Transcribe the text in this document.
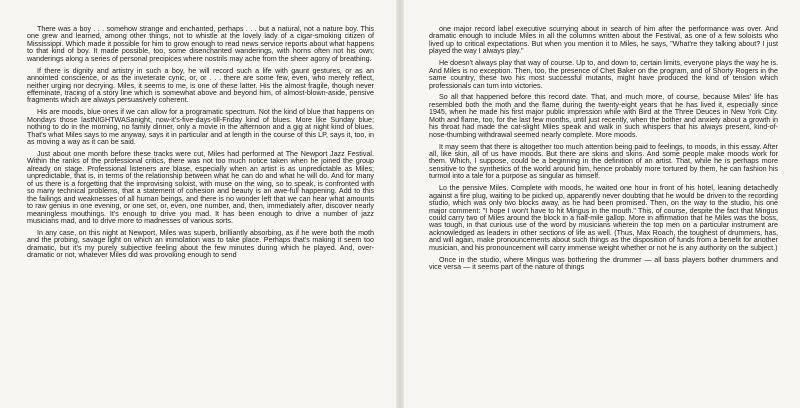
There was a boy . . . somehow strange and enchanted, perhaps . . . but a natural, not a nature boy. This one grew and learned, among other things, not to whistle at the lovely lady of a cigar-smoking citizen of Mississippi. Which made it possible for him to grow enough to read news service reports about what happens to that kind of boy. It made possible, too, some disenchanted wanderings, with horns often not his own; wanderings along a series of personal precipices where nostrils may ache from the sheer agony of breathing.

If there is dignity and artistry in such a boy, he will record such a life with gaunt gestures, or as an annointed conscience, or as the inveterate cynic, or, or . . . there are some few, even, who merely reflect, neither urging nor decrying. Miles, it seems to me, is one of these latter. His the almost fragile, though never effeminate, tracing of a story line which is somewhat above and beyond him, of almost-blown-aside, pensive fragments which are always persuasively coherent.

His are moods, blue ones if we can allow for a programatic spectrum. Not the kind of blue that happens on Mondays those lastNIGHTWASanight, now-it's-five-days-till-Friday kind of blues. More like Sunday blue; nothing to do in the morning, no family dinner, only a movie in the afternoon and a gig at night kind of blues. That's what Miles says to me anyway, says it in particular and at length in the course of this LP, says it, too, in as moving a way as it can be said.

Just about one month before these tracks were cut, Miles had performed at The Newport Jazz Festival. Within the ranks of the professional critics, there was not too much notice taken when he joined the group already on stage. Professional listeners are blase, especially when an artist is as unpredictable as Miles; unpredictable, that is, in terms of the relationship between what he can do and what he will do. And for many of us there is a forgetting that the improvising soloist, with muse on the wing, so to speak, is confronted with so many technical problems, that a statement of cohesion and beauty is an awe-full happening. Add to this the failings and weaknesses of all human beings, and there is no wonder left that we can hear what amounts to raw genius in one evening, or one set, or, even, one number, and, then, immediately after, discover nearly meaningless mouthings. It's enough to drive you mad. It has been enough to drive a number of jazz musicians mad, and to drive more to madnesses of various sorts.

In any case, on this night at Newport, Miles was superb, brilliantly absorbing, as if he were both the moth and the probing, savage light on which an immolation was to take place. Perhaps that's making it seem too dramatic, but it's my purely subjective feeling about the few minutes during which he played. And, over-dramatic or not, whatever Miles did was provoking enough to send

one major record label executive scurrying about in search of him after the performance was over. And dramatic enough to include Miles in all the columns written about the Festival, as one of a few soloists who lived up to critical expectations. But when you mention it to Miles, he says, "What're they talking about? I just played the way I always play."

He doesn't always play that way of course. Up to, and down to, certain limits, everyone plays the way he is. And Miles is no exception. Then, too, the presence of Chet Baker on the program, and of Shorty Rogers in the same country, these two his most successful mutants, might have produced the kind of tension which professionals can turn into victories.

So all that happened before this record date. That, and much more, of course, because Miles' life has resembled both the moth and the flame during the twenty-eight years that he has lived it, especially since 1945, when he made his first major public impression while with Bird at the Three Deuces in New York City. Moth and flame, too, for the last few months, until just recently, when the bother and anxiety about a growth in his throat had made the cat-slight Miles speak and walk in such whispers that his always present, kind-of-nose-thumbing withdrawal seemed nearly complete. More moods.

It may seem that there is altogether too much attention being paid to feelings, to moods, in this essay. After all, like skin, all of us have moods. But there are skins and skins. And some people make moods work for them. Which, I suppose, could be a beginning in the definition of an artist. That, while he is perhaps more sensitive to the synthetics of the world around him, hence probably more tortured by them, he can fashion his turmoil into a tale for a purpose as singular as himself.

Lo the pensive Miles. Complete with moods, he waited one hour in front of his hotel, leaning detachedly against a fire plug, waiting to be picked up, apparently never doubting that he would be driven to the recording studio, which was only two blocks away, as he had been promised. Then, on the way to the studio, his one major comment: "I hope I won't have to hit Mingus in the mouth." This, of course, despite the fact that Mingus could carry two of Miles around the block in a half-mile gallop. More in affirmation that he Miles was the boss, was tough, in that curious use of the word by musicians wherein the top men on a particular instrument are acknowledged as leaders in other sections of life as well. (Thus, Max Roach, the toughest of drummers, has, and will again, make pronouncements about such things as the disposition of funds from a benefit for another musician, and his pronouncement will carry immense weight whether or not he is any authority on the subject.)

Once in the studio, where Mingus was bothering the drummer — all bass players bother drummers and vice versa — it seems part of the nature of things
